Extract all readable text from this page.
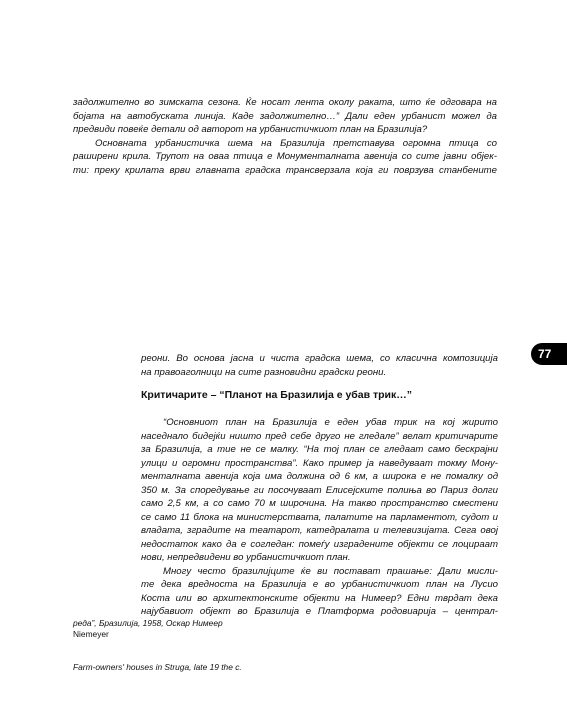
задолжително во зимската сезона. Ќе носат лента околу раката, што ќе одговара на
бојата на автобуската линија. Каде задолжително…” Дали еден урбанист можел да
предвиди повеќе детали од авторот на урбанистичкиот план на Бразилија?
Основната урбанистичка шема на Бразилија претставува огромна птица со
раширени крила. Трупот на оваа птица е Монументалната авенија со сите јавни објек-
ти: преку крилата врви главната градска трансверзала која ги поврзува станбените
77
реони. Во основа јасна и чиста градска шема, со класична композиција
на правоаголници на сите разновидни градски реони.
Критичарите – “Планот на Бразилија е убав трик…”
“Основниот план на Бразилија е еден убав трик на кој жирито
наседнало бидејќи ништо пред себе друго не гледале” велат критичарите
за Бразилија, а тие не се малку. “На тој план се гледаат само бескрајни
улици и огромни пространства”. Како пример ја наведуваат токму Мону-
менталната авенија која има должина од 6 км, а широка е не помалку од
350 м. За споредување ги посочуваат Елисејските полиња во Париз долги
само 2,5 км, а со само 70 м широчина. На такво пространство сместени
се само 11 блока на министерствата, палатите на парламентот, судот и
владата, зградите на театарот, катедралата и телевизијата. Сега овој
недостаток како да е согледан: помеѓу изградените објекти се лоцираат
нови, непредвидени во урбанистичкиот план.
Многу често бразилијците ќе ви постават прашање: Дали мисли-
те дека вредноста на Бразилија е во урбанистичкиот план на Лусио
Коста или во архитектонските објекти на Нимеер? Едни тврдат дека
најубавиот објект во Бразилија е Платформа родовиарија – централ-
реда”, Бразилија, 1958, Оскар Нимеер
Niemeyer
Farm-owners' houses in Struga, late 19 the c.
